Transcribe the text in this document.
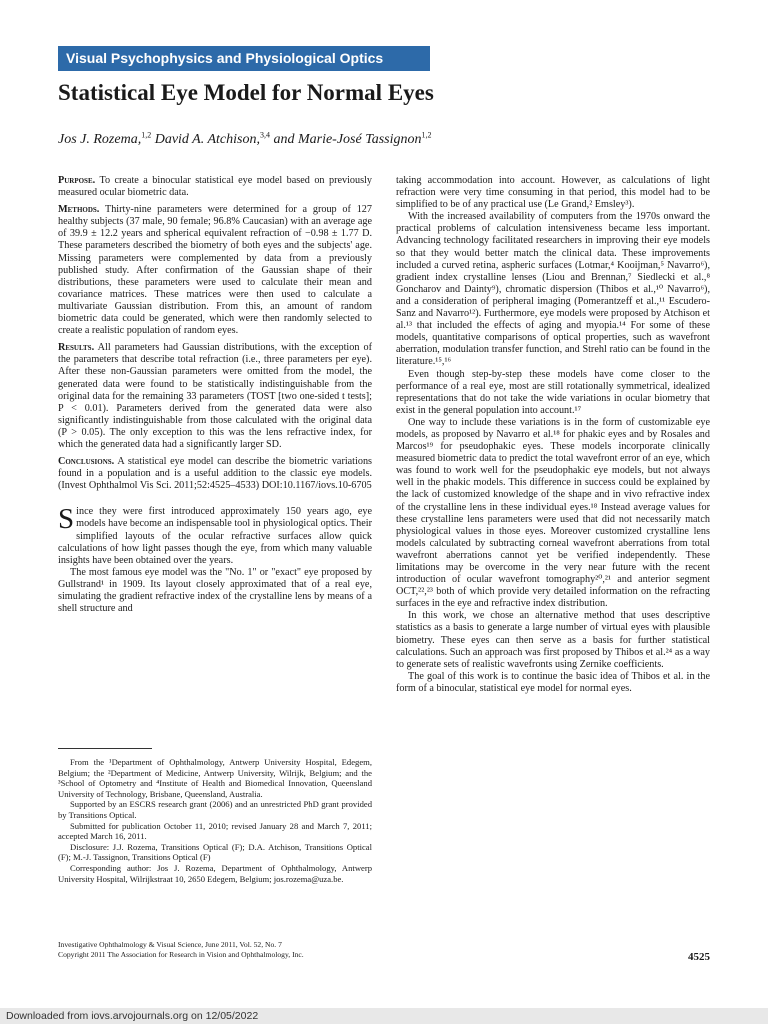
Visual Psychophysics and Physiological Optics
Statistical Eye Model for Normal Eyes
Jos J. Rozema,$^{1,2}$ David A. Atchison,$^{3,4}$ and Marie-José Tassignon$^{1,2}$

Purpose. To create a binocular statistical eye model based on previously measured ocular biometric data.

Methods. Thirty-nine parameters were determined for a group of 127 healthy subjects (37 male, 90 female; 96.8% Caucasian) with an average age of 39.9 ± 12.2 years and spherical equivalent refraction of −0.98 ± 1.77 D. These parameters described the biometry of both eyes and the subjects' age. Missing parameters were complemented by data from a previously published study. After confirmation of the Gaussian shape of their distributions, these parameters were used to calculate their mean and covariance matrices. These matrices were then used to calculate a multivariate Gaussian distribution. From this, an amount of random biometric data could be generated, which were then randomly selected to create a realistic population of random eyes.

Results. All parameters had Gaussian distributions, with the exception of the parameters that describe total refraction (i.e., three parameters per eye). After these non-Gaussian parameters were omitted from the model, the generated data were found to be statistically indistinguishable from the original data for the remaining 33 parameters (TOST [two one-sided t tests]; P < 0.01). Parameters derived from the generated data were also significantly indistinguishable from those calculated with the original data (P > 0.05). The only exception to this was the lens refractive index, for which the generated data had a significantly larger SD.

Conclusions. A statistical eye model can describe the biometric variations found in a population and is a useful addition to the classic eye models. (Invest Ophthalmol Vis Sci. 2011;52:4525–4533) DOI:10.1167/iovs.10-6705

Since they were first introduced approximately 150 years ago, eye models have become an indispensable tool in physiological optics. Their simplified layouts of the ocular refractive surfaces allow quick calculations of how light passes though the eye, from which many valuable insights have been obtained over the years.

The most famous eye model was the "No. 1" or "exact" eye proposed by Gullstrand¹ in 1909. Its layout closely approximated that of a real eye, simulating the gradient refractive index of the crystalline lens by means of a shell structure and

taking accommodation into account. However, as calculations of light refraction were very time consuming in that period, this model had to be simplified to be of any practical use (Le Grand,² Emsley³).

With the increased availability of computers from the 1970s onward the practical problems of calculation intensiveness became less important. Advancing technology facilitated researchers in improving their eye models so that they would better match the clinical data. These improvements included a curved retina, aspheric surfaces (Lotmar,⁴ Kooijman,⁵ Navarro⁶), gradient index crystalline lenses (Liou and Brennan,⁷ Siedlecki et al.,⁸ Goncharov and Dainty⁹), chromatic dispersion (Thibos et al.,¹⁰ Navarro⁶), and a consideration of peripheral imaging (Pomerantzeff et al.,¹¹ Escudero-Sanz and Navarro¹²). Furthermore, eye models were proposed by Atchison et al.¹³ that included the effects of aging and myopia.¹⁴ For some of these models, quantitative comparisons of optical properties, such as wavefront aberration, modulation transfer function, and Strehl ratio can be found in the literature.¹⁵,¹⁶

Even though step-by-step these models have come closer to the performance of a real eye, most are still rotationally symmetrical, idealized representations that do not take the wide variations in ocular biometry that exist in the general population into account.¹⁷

One way to include these variations is in the form of customizable eye models, as proposed by Navarro et al.¹⁸ for phakic eyes and by Rosales and Marcos¹⁹ for pseudophakic eyes. These models incorporate clinically measured biometric data to predict the total wavefront error of an eye, which was found to work well for the pseudophakic eye models, but not always well in the phakic models. This difference in success could be explained by the lack of customized knowledge of the shape and in vivo refractive index of the crystalline lens in these individual eyes.¹⁸ Instead average values for these crystalline lens parameters were used that did not necessarily match physiological values in those eyes. Moreover customized crystalline lens models calculated by subtracting corneal wavefront aberrations from total wavefront aberrations cannot yet be verified independently. These limitations may be overcome in the very near future with the recent introduction of ocular wavefront tomography²⁰,²¹ and anterior segment OCT,²²,²³ both of which provide very detailed information on the refracting surfaces in the eye and refractive index distribution.

In this work, we chose an alternative method that uses descriptive statistics as a basis to generate a large number of virtual eyes with plausible biometry. These eyes can then serve as a basis for further statistical calculations. Such an approach was first proposed by Thibos et al.²⁴ as a way to generate sets of realistic wavefronts using Zernike coefficients.

The goal of this work is to continue the basic idea of Thibos et al. in the form of a binocular, statistical eye model for normal eyes.

From the ¹Department of Ophthalmology, Antwerp University Hospital, Edegem, Belgium; the ²Department of Medicine, Antwerp University, Wilrijk, Belgium; and the ³School of Optometry and ⁴Institute of Health and Biomedical Innovation, Queensland University of Technology, Brisbane, Queensland, Australia.

Supported by an ESCRS research grant (2006) and an unrestricted PhD grant provided by Transitions Optical.

Submitted for publication October 11, 2010; revised January 28 and March 7, 2011; accepted March 16, 2011.

Disclosure: J.J. Rozema, Transitions Optical (F); D.A. Atchison, Transitions Optical (F); M.-J. Tassignon, Transitions Optical (F)

Corresponding author: Jos J. Rozema, Department of Ophthalmology, Antwerp University Hospital, Wilrijkstraat 10, 2650 Edegem, Belgium; jos.rozema@uza.be.

Investigative Ophthalmology & Visual Science, June 2011, Vol. 52, No. 7
Copyright 2011 The Association for Research in Vision and Ophthalmology, Inc.	4525
Downloaded from iovs.arvojournals.org on 12/05/2022
